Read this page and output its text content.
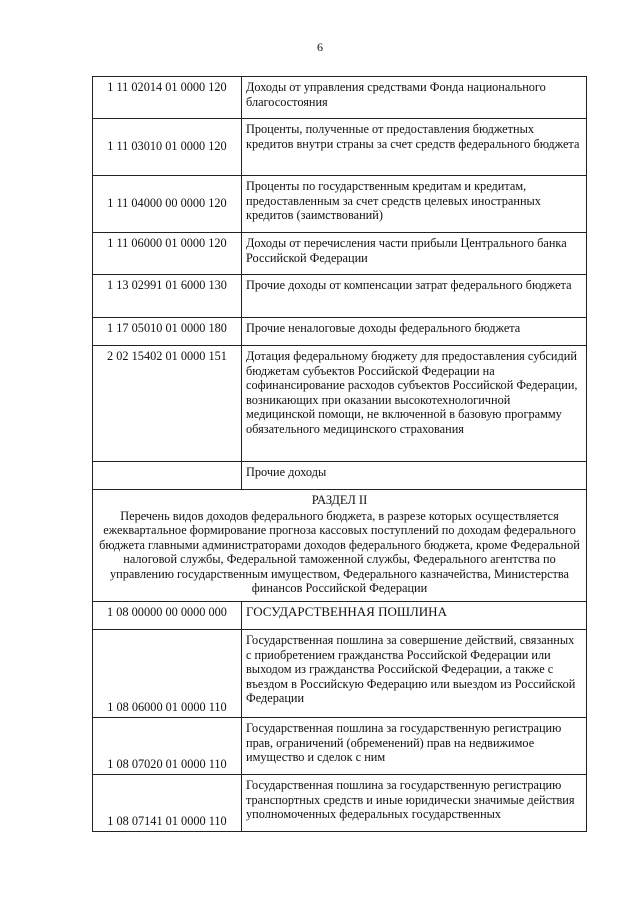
6
1 11 02014 01 0000 120	Доходы от управления средствами Фонда национального благосостояния
1 11 03010 01 0000 120	Проценты, полученные от предоставления бюджетных кредитов внутри страны за счет средств федерального бюджета
1 11 04000 00 0000 120	Проценты по государственным кредитам и кредитам, предоставленным за счет средств целевых иностранных кредитов (заимствований)
1 11 06000 01 0000 120	Доходы от перечисления части прибыли Центрального банка Российской Федерации
1 13 02991 01 6000 130	Прочие доходы от компенсации затрат федерального бюджета
1 17 05010 01 0000 180	Прочие неналоговые доходы федерального бюджета
2 02 15402 01 0000 151	Дотация федеральному бюджету для предоставления субсидий бюджетам субъектов Российской Федерации на софинансирование расходов субъектов Российской Федерации, возникающих при оказании высокотехнологичной медицинской помощи, не включенной в базовую программу обязательного медицинского страхования
	Прочие доходы

РАЗДЕЛ II
Перечень видов доходов федерального бюджета, в разрезе которых осуществляется ежеквартальное формирование прогноза кассовых поступлений по доходам федерального бюджета главными администраторами доходов федерального бюджета, кроме Федеральной налоговой службы, Федеральной таможенной службы, Федерального агентства по управлению государственным имуществом, Федерального казначейства, Министерства финансов Российской Федерации	

1 08 00000 00 0000 000	ГОСУДАРСТВЕННАЯ ПОШЛИНА
1 08 06000 01 0000 110	Государственная пошлина за совершение действий, связанных с приобретением гражданства Российской Федерации или выходом из гражданства Российской Федерации, а также с въездом в Российскую Федерацию или выездом из Российской Федерации
1 08 07020 01 0000 110	Государственная пошлина за государственную регистрацию прав, ограничений (обременений) прав на недвижимое имущество и сделок с ним
1 08 07141 01 0000 110	Государственная пошлина за государственную регистрацию транспортных средств и иные юридически значимые действия уполномоченных федеральных государственных
